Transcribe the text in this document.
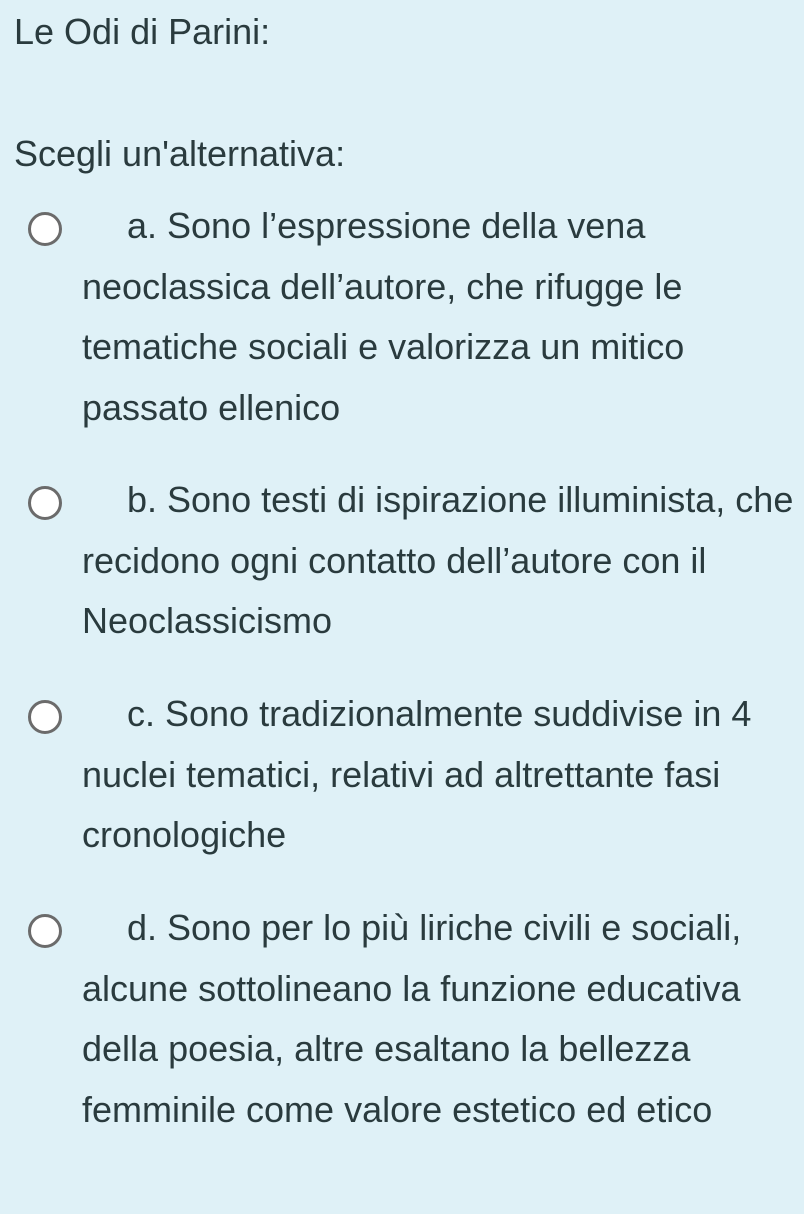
Le Odi di Parini:
Scegli un'alternativa:
a. Sono l’espressione della vena neoclassica dell’autore, che rifugge le tematiche sociali e valorizza un mitico passato ellenico
b. Sono testi di ispirazione illuminista, che recidono ogni contatto dell’autore con il Neoclassicismo
c. Sono tradizionalmente suddivise in 4 nuclei tematici, relativi ad altrettante fasi cronologiche
d. Sono per lo più liriche civili e sociali, alcune sottolineano la funzione educativa della poesia, altre esaltano la bellezza femminile come valore estetico ed etico
